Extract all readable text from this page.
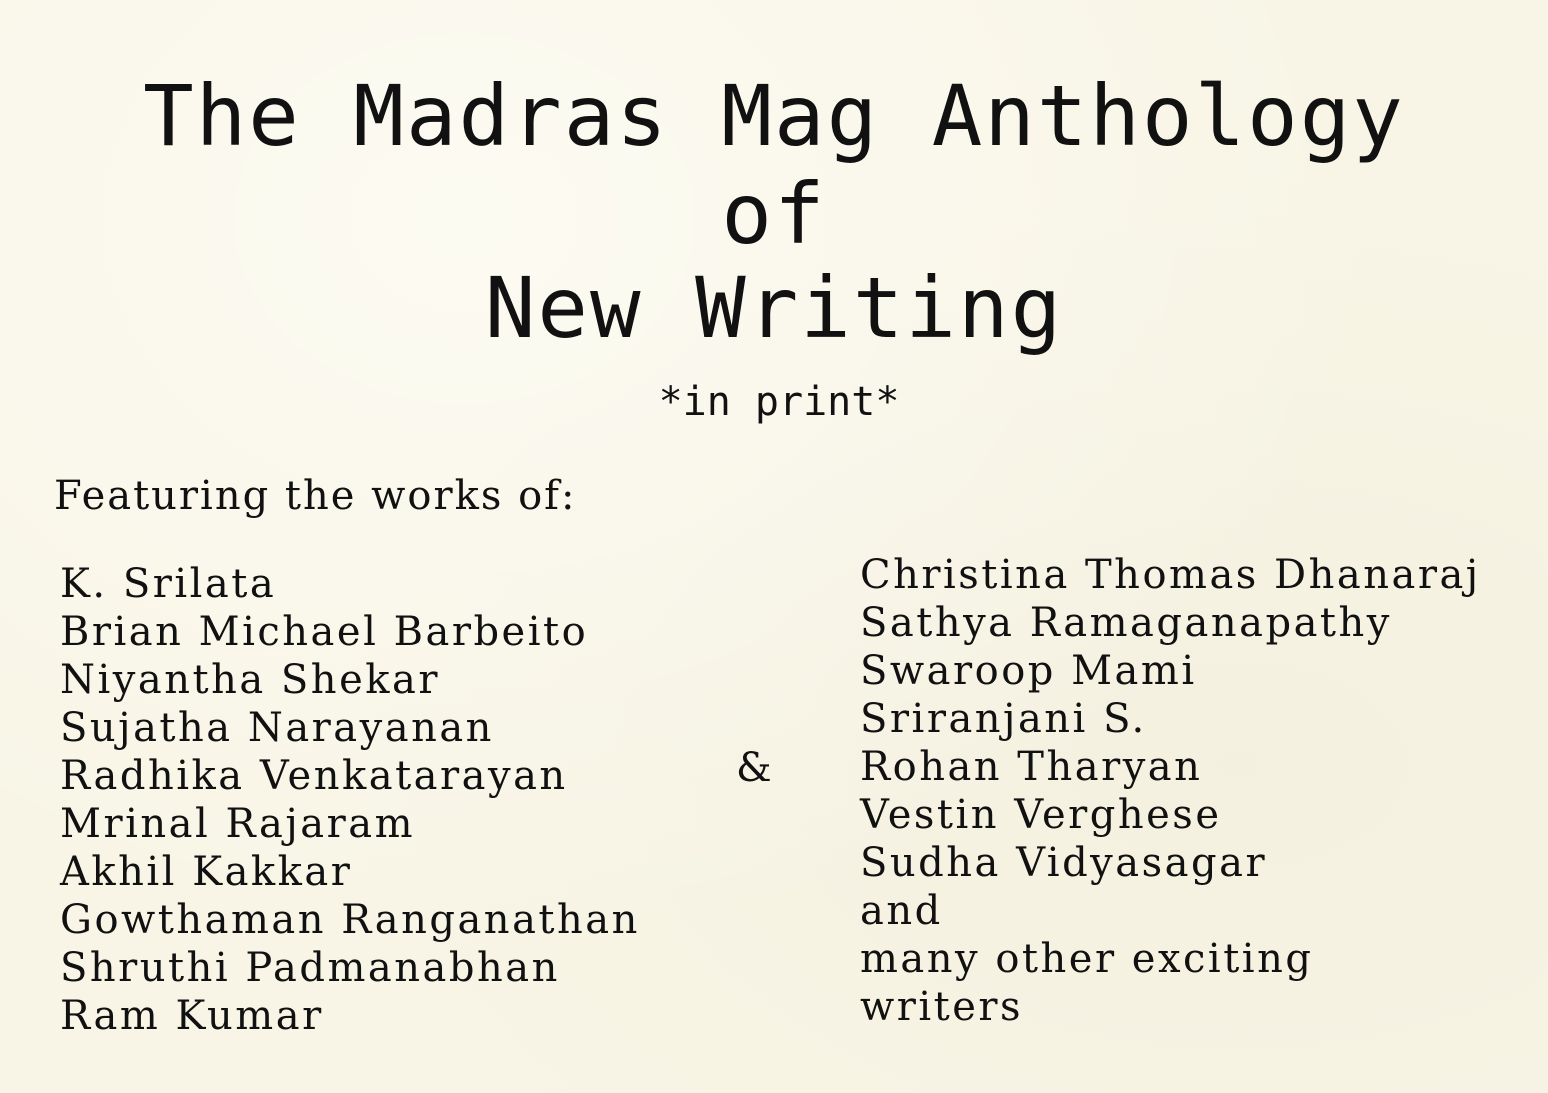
The Madras Mag Anthology
of
New Writing
*in print*
Featuring the works of:
K. Srilata
Brian Michael Barbeito
Niyantha Shekar
Sujatha Narayanan
Radhika Venkatarayan
Mrinal Rajaram
Akhil Kakkar
Gowthaman Ranganathan
Shruthi Padmanabhan
Ram Kumar
&
Christina Thomas Dhanaraj
Sathya Ramaganapathy
Swaroop Mami
Sriranjani S.
Rohan Tharyan
Vestin Verghese
Sudha Vidyasagar
and
many other exciting
writers
